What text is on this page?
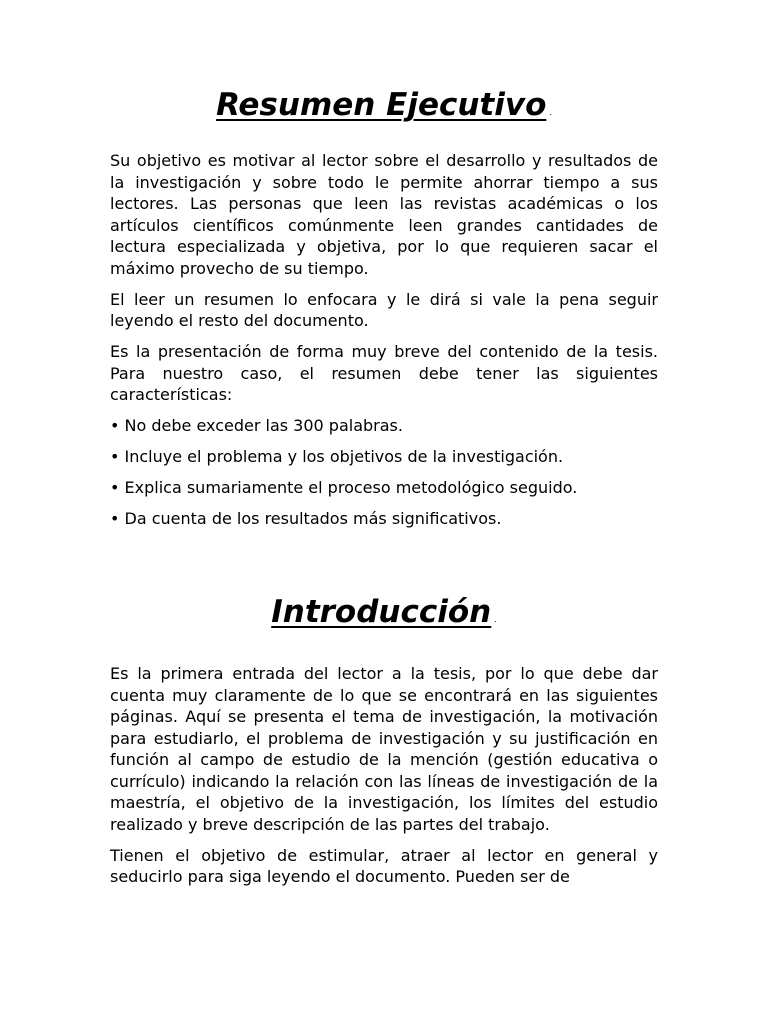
Resumen Ejecutivo .

Su objetivo es motivar al lector sobre el desarrollo y resultados de la investigación y sobre todo le permite ahorrar tiempo a sus lectores. Las personas que leen las revistas académicas o los artículos científicos comúnmente leen grandes cantidades de lectura especializada y objetiva, por lo que requieren sacar el máximo provecho de su tiempo.

El leer un resumen lo enfocara y le dirá si vale la pena seguir leyendo el resto del documento.

Es la presentación de forma muy breve del contenido de la tesis. Para nuestro caso, el resumen debe tener las siguientes características:

• No debe exceder las 300 palabras.
• Incluye el problema y los objetivos de la investigación.
• Explica sumariamente el proceso metodológico seguido.
• Da cuenta de los resultados más significativos.
Introducción .

Es la primera entrada del lector a la tesis, por lo que debe dar cuenta muy claramente de lo que se encontrará en las siguientes páginas. Aquí se presenta el tema de investigación, la motivación para estudiarlo, el problema de investigación y su justificación en función al campo de estudio de la mención (gestión educativa o currículo) indicando la relación con las líneas de investigación de la maestría, el objetivo de la investigación, los límites del estudio realizado y breve descripción de las partes del trabajo.

Tienen el objetivo de estimular, atraer al lector en general y seducirlo para siga leyendo el documento. Pueden ser de
